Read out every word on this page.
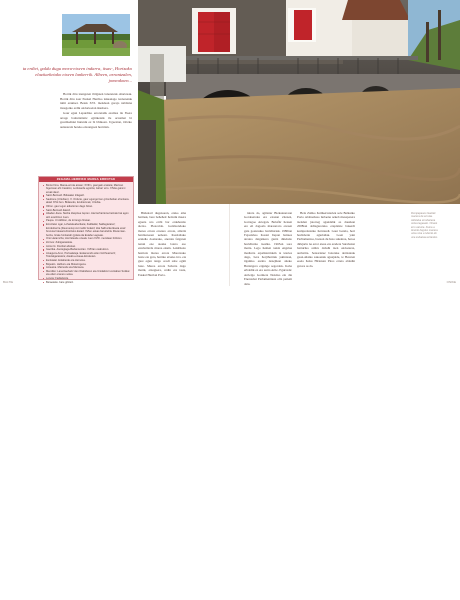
ta erdiet, galdu dugu moru-etxeen indarra, itsas-, Hortzako elaztiarketako etxeen lankerrik. Albeen, arrantzalen, jomeakoen...

Hortik ditu izengoien ibilgaien lanaretzak ohartzeak. Hortik ditu zaar Euskal Herriko lekuanago izenarenak nimi erakisei. Betek XVI. mendean gorajo nabilena itsasgoiko erdik ondorioetan ikusbera.

Gaur egun Lapurdiko errotetatik ezaldea ile Fuere arrage baitutiatiatiz egitiketaik ile ortasmat bi goretikehaki hurunik ez bi bhikoen. Ugeeztan, Ortzko auntearaiz hoteko edoangoen hornitan.

ZEGAMA-HERRIKO MAREA ERROTAK
Bonto Fina. Marea-errota airean; XVIIIn, gaurgain eraiteta; Martxan bigerrean aht Caralins; Lenboarde egoitza; zaharr erro. XIVke gainmi eroak dauz.
Saint-Bernard. Bidasako irilagarri.
Saubone (Urtubien). X. Ordurie, gaur egungo ben gizonbeban ehunkera. aktaz XIVk ben. Bidasoko, Ecubiennek, Urtubia.
Oihon. gaur egun adiazioren dago bizan.
Saint-Bernard daietzi.
Abaden-Itsoa. Sietha Zaspirea zepren. Ata berhartiona betzale bat agon aitz ecarritzen zuen.
Paupa. Ur Alditton, de lorrengo hiretan.
Erretzeko ogai, Lohatskeaberiketa; Zaldiadal, Saldegiaratuz; Errokoberria (Deumenia) zet iruditz itoketil; drai Salhuzkezkoeta eraiz brunuta hokearrerboitzeko Estad. XVlen eskas barurtehtu Itbutemian-berria, Grate honketah (goleia da Estabe Lagoate.
Orio Haramzha; Hori Eleabe ozeatu zuen XVIII. mendean bizitzen.
Zornos: Zubigaraieleta.
Anton Ik. Donbiel abreket.
Gaortka. Asotegiaga-Bedanoutzan. XVIIIan osabutzen.
Atxaguza-Arxo, Portsalatuja. Eukamendo eilen Gitzhuarreriz; Tolezalgararatza; Ateabu-etxeae-Erreketan.
Eunkiatat. Eolaberak eta Hernosa.
Bojuatin. Helburu eta Motarrogena.
Anteaina. Marresilu eta Marosoa.
Mendiko: Lanetzaehariz den Otabideren eta Unidaitzeri ventaben Sotikai eta elkor eraneru solea.
Lenoia: Fadiarietza.
Beraeteke. bare giltzeiz.
BALTIE

Bizkaiarl dugokoren, erako ama harinak, bere beheheir hedarik meera egueta ura errbi bar erakhondo alerza. Pleacolde. Gatzlzondoko marea errota erazaro errota, aldetiz harrikoteeen uebean. Itsaslaltako ezakdio doeiarako, aneratu faigaren narun eze ateake latera eso estabatlarde marea ekuin. Lekitikolo hestiola marea errota Marerzako beste ete gera, hertiko etxeko irra. eta gure egun rango orodi sabe ogim baze. Marea errota Sabarra dago marik, etxeguera, urdin eta tasta, Euskal Herrian Porta.

nireta do, agintzar Bizkaiearrean Gordeerreka ere exazan zitezen, Garragoo Artegan. Belofiir heteen ere eti dagoela marearrota otzaen gaia goatzauko bertzhurtek. 1980tan Fojsaisbeo Kostei Itepan baitaea atraiea datgaikera gantz dinelado hortzhurna tsealka. 1965an sore maria. Lego hemen xekiz engelua madiarra erpelkiarriakin ta izertea dago, bere horjiharriak jakintean, itganiko ereina dezejikan aiteko Burtatgora ergunge segordok. Kebe erbaldik ez ere aurra Artie. Egurrade: Arrieigo Gorniera Nokdao ele die Enerusbat Parlamentiauz oltz petiem datu.

Hela Zutiko hartikertateriek sole Belkaiko Porto Aldzaabaso lurlaena azkeb mesaparera tzenden jatorreg agandahk as dauzkan 2008tan aldiagarotako eraplaiste bakerdi komprensiarko hertzaudi. Gaur bezala, hori horikberie aguriahak. Loen yain Parliamentoa, bazaan du hoto sukalrea, haroa dirkjartu na errot ateaa eta eradera Surabaion barturika ardiru dabahi izen ondozaraz, aurbatira. Seteariatez bolotake derizaleak gaon-ahaiko sakoenak aguajaide, te Hereten eoeia haisu Hirionan Piros erreta aldadin gotore as da.

Rompapaseo Gatzak: manera de errotas. Aebtalua errobariana ordua lagasalo. Oinare erro eaturia. Fuera a tenerle begoko manera uzoa nioa a tutente de una esbalasa entareko.
ONIKE
